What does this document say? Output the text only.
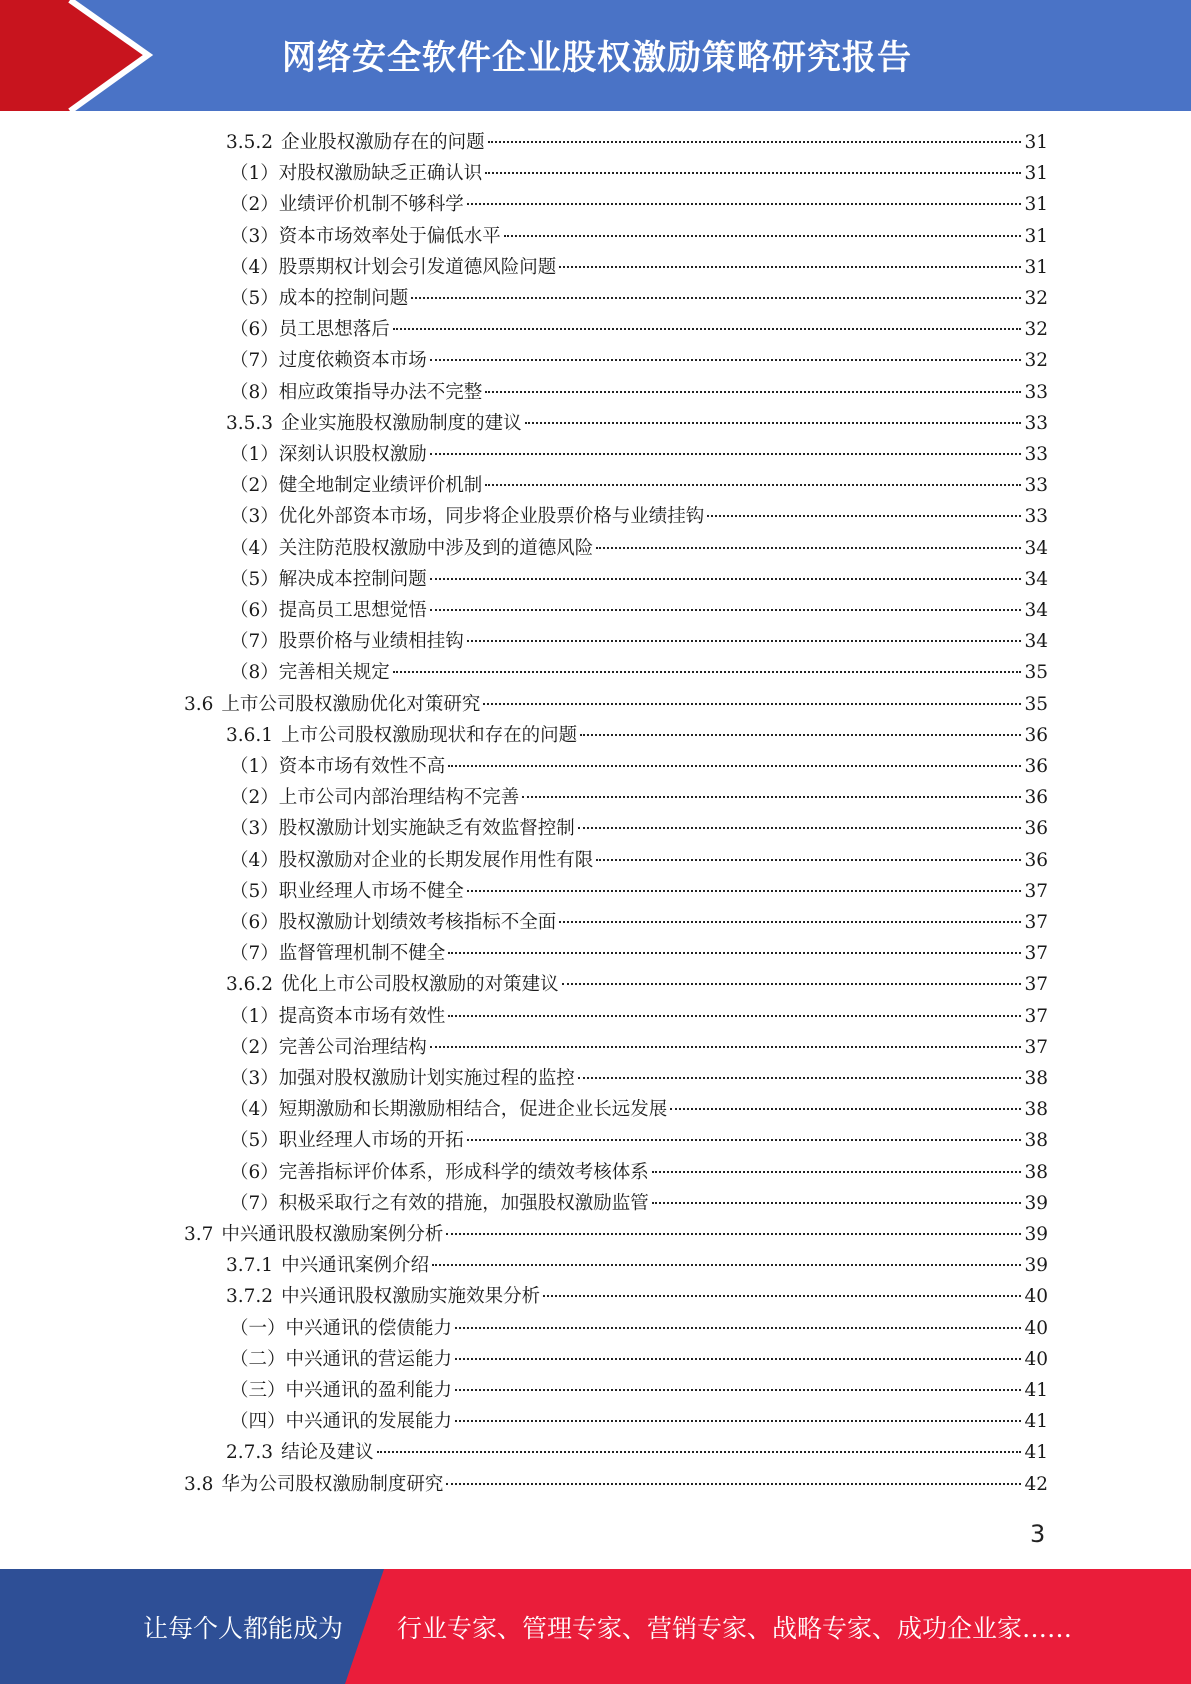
网络安全软件企业股权激励策略研究报告
3.5.2 企业股权激励存在的问题	31
（1） 对股权激励缺乏正确认识	31
（2） 业绩评价机制不够科学	31
（3） 资本市场效率处于偏低水平	31
（4） 股票期权计划会引发道德风险问题	31
（5） 成本的控制问题	32
（6） 员工思想落后	32
（7） 过度依赖资本市场	32
（8） 相应政策指导办法不完整	33
3.5.3 企业实施股权激励制度的建议	33
（1） 深刻认识股权激励	33
（2） 健全地制定业绩评价机制	33
（3） 优化外部资本市场，同步将企业股票价格与业绩挂钩	33
（4） 关注防范股权激励中涉及到的道德风险	34
（5） 解决成本控制问题	34
（6） 提高员工思想觉悟	34
（7） 股票价格与业绩相挂钩	34
（8） 完善相关规定	35
3.6 上市公司股权激励优化对策研究	35
3.6.1 上市公司股权激励现状和存在的问题	36
（1） 资本市场有效性不高	36
（2） 上市公司内部治理结构不完善	36
（3） 股权激励计划实施缺乏有效监督控制	36
（4） 股权激励对企业的长期发展作用性有限	36
（5） 职业经理人市场不健全	37
（6） 股权激励计划绩效考核指标不全面	37
（7） 监督管理机制不健全	37
3.6.2 优化上市公司股权激励的对策建议	37
（1） 提高资本市场有效性	37
（2） 完善公司治理结构	37
（3） 加强对股权激励计划实施过程的监控	38
（4） 短期激励和长期激励相结合，促进企业长远发展	38
（5） 职业经理人市场的开拓	38
（6） 完善指标评价体系，形成科学的绩效考核体系	38
（7） 积极采取行之有效的措施，加强股权激励监管	39
3.7 中兴通讯股权激励案例分析	39
3.7.1 中兴通讯案例介绍	39
3.7.2 中兴通讯股权激励实施效果分析	40
（一） 中兴通讯的偿债能力	40
（二） 中兴通讯的营运能力	40
（三） 中兴通讯的盈利能力	41
（四） 中兴通讯的发展能力	41
2.7.3 结论及建议	41
3.8 华为公司股权激励制度研究	42
3
让每个人都能成为 行业专家、管理专家、营销专家、战略专家、成功企业家……
